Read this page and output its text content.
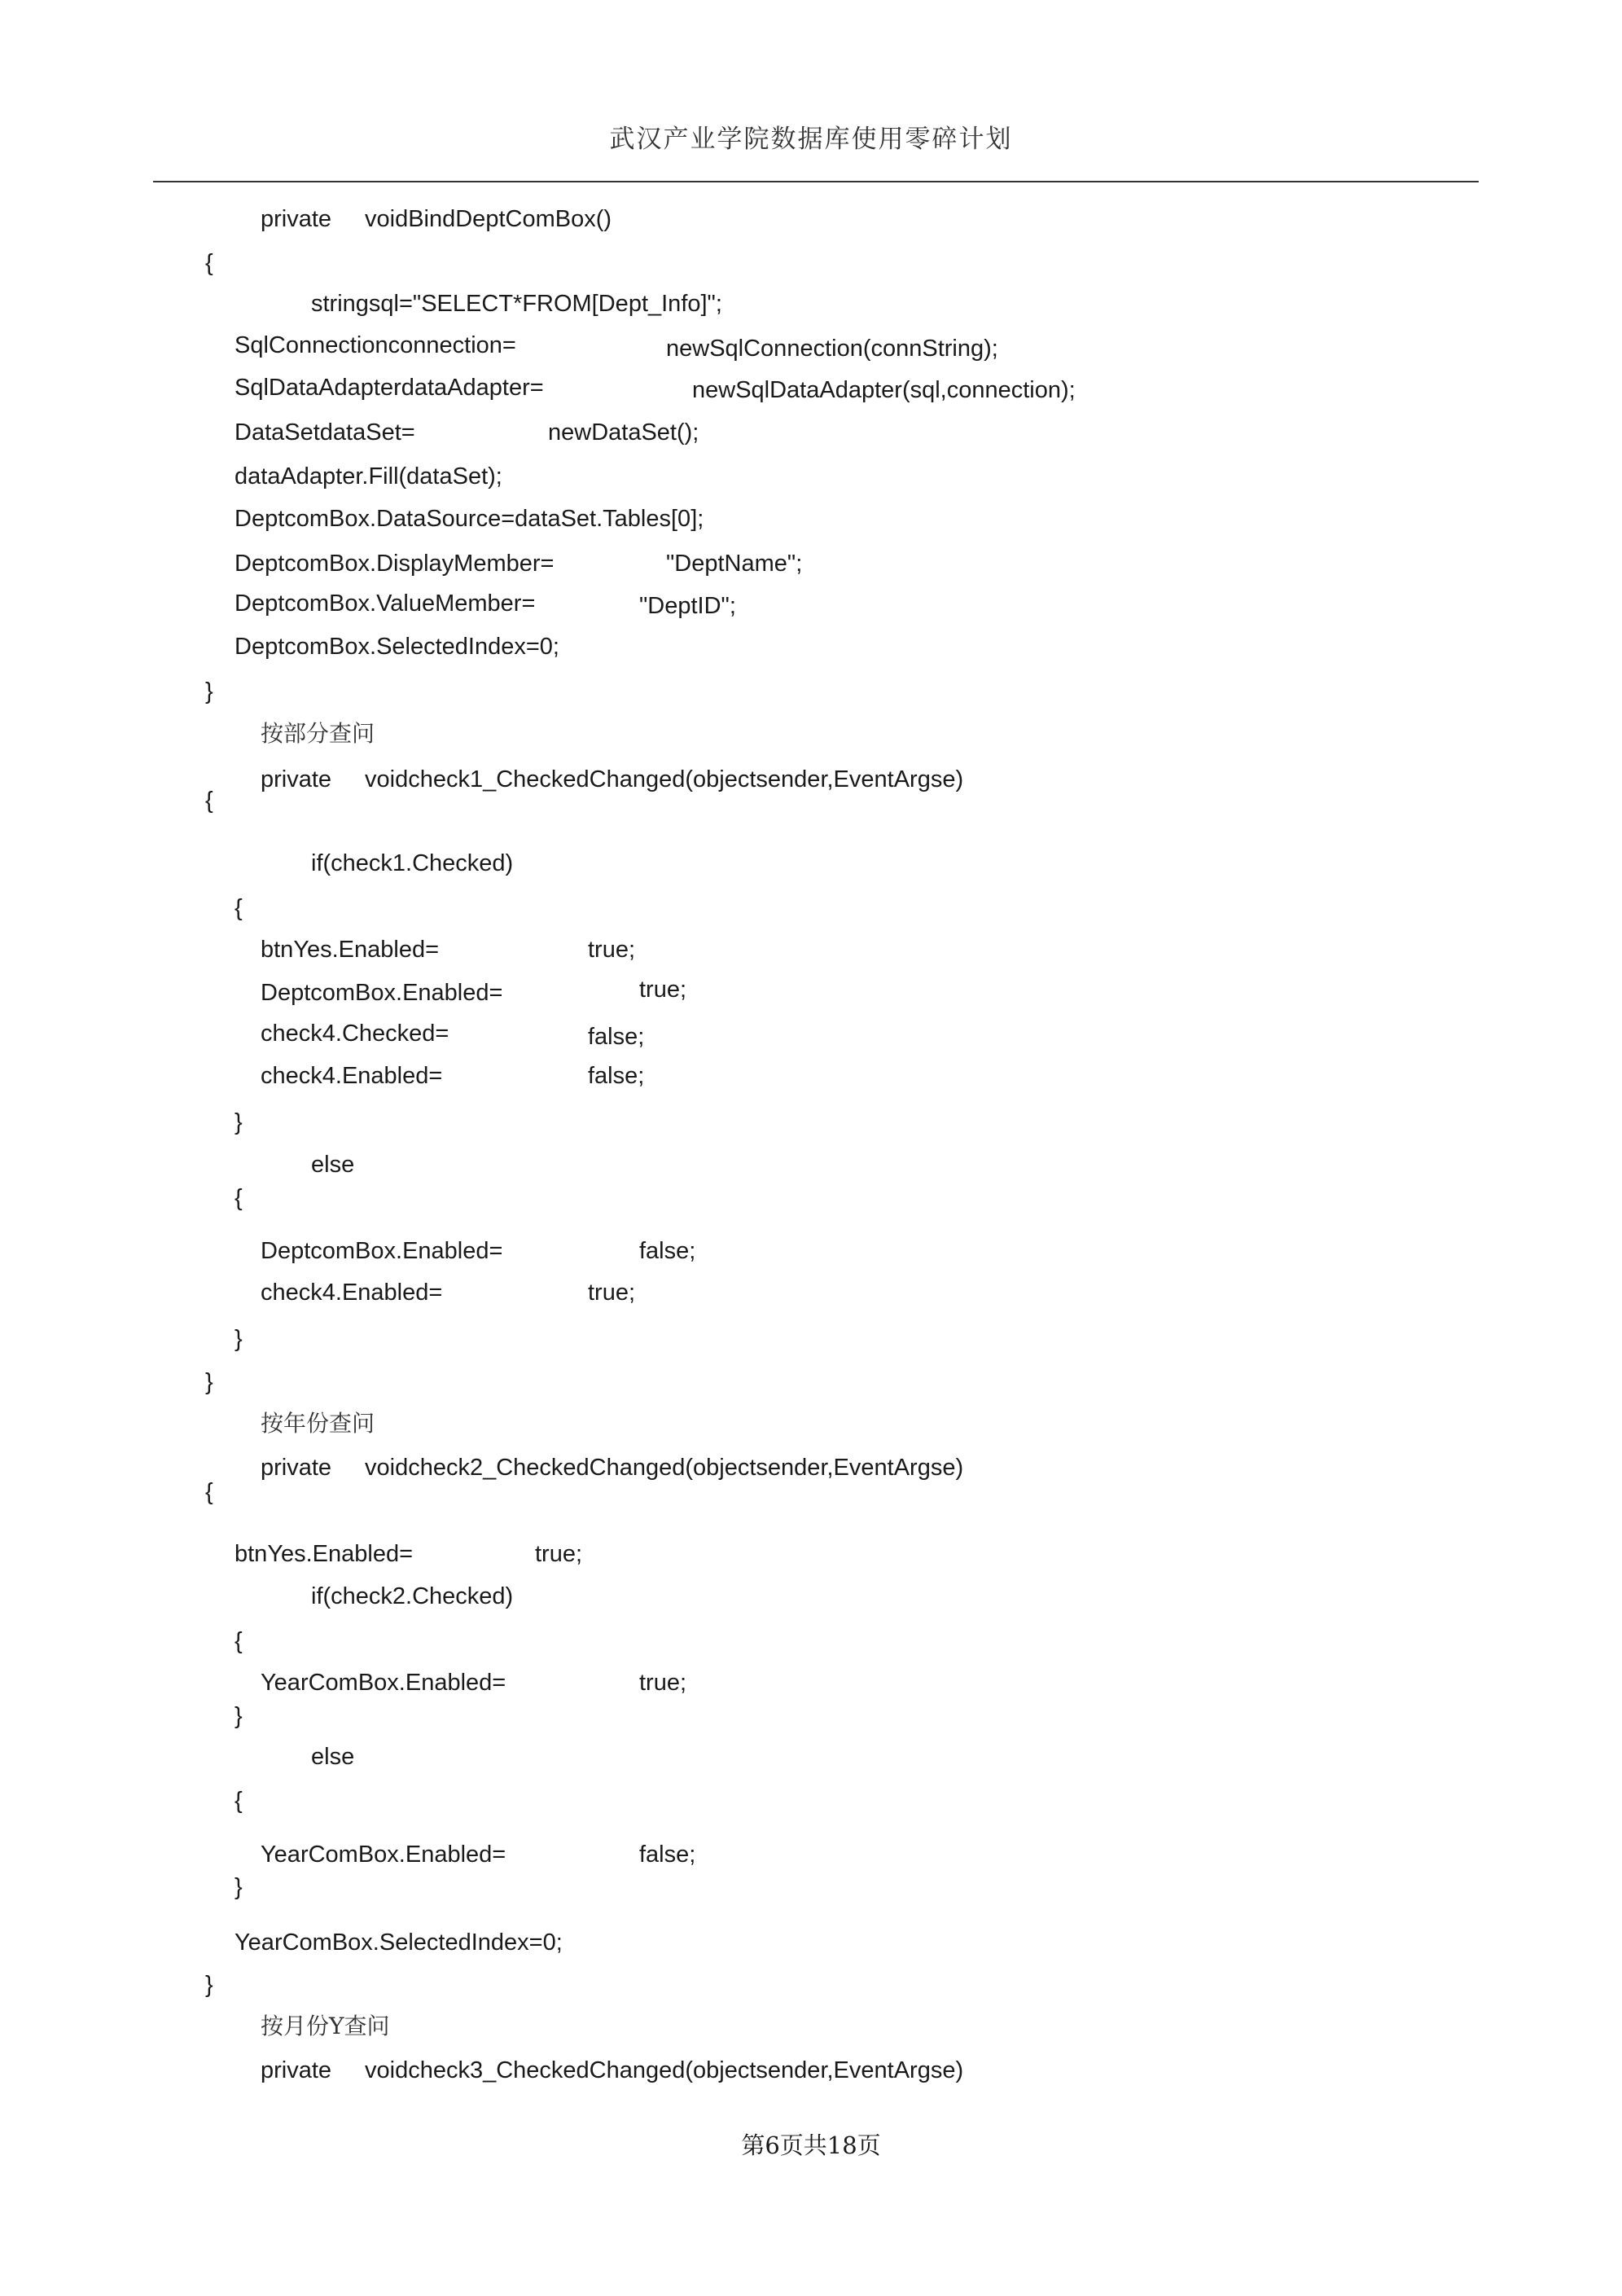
武汉产业学院数据库使用零碎计划
private voidBindDeptComBox()
{
stringsql="SELECT*FROM[Dept_Info]";
SqlConnectionconnection=	newSqlConnection(connString);
SqlDataAdapterdataAdapter=	newSqlDataAdapter(sql,connection);
DataSetdataSet=	newDataSet();
dataAdapter.Fill(dataSet);
DeptcomBox.DataSource=dataSet.Tables[0];
DeptcomBox.DisplayMember=	"DeptName";
DeptcomBox.ValueMember=	"DeptID";
DeptcomBox.SelectedIndex=0;
}
按部分查问
private voidcheck1_CheckedChanged(objectsender,EventArgse)
{
if(check1.Checked)
{
btnYes.Enabled=	true;
DeptcomBox.Enabled=	true;
check4.Checked=	false;
check4.Enabled=	false;
}
else
{
DeptcomBox.Enabled=	false;
check4.Enabled=	true;
}
}
按年份查问
private voidcheck2_CheckedChanged(objectsender,EventArgse)
{
btnYes.Enabled=	true;
if(check2.Checked)
{
YearComBox.Enabled=	true;
}
else
{
YearComBox.Enabled=	false;
}
YearComBox.SelectedIndex=0;
}
按月份Y查问
private voidcheck3_CheckedChanged(objectsender,EventArgse)
第6页共18页
